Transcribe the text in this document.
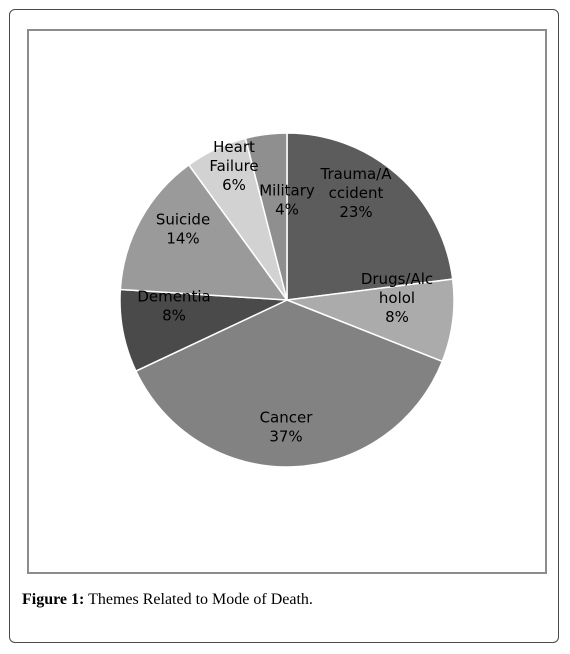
Trauma/A ccident 23%
Drugs/Alc holol 8%
Cancer 37%
Dementia 8%
Suicide 14%
Heart Failure 6% Military 4%
Figure 1: Themes Related to Mode of Death.
